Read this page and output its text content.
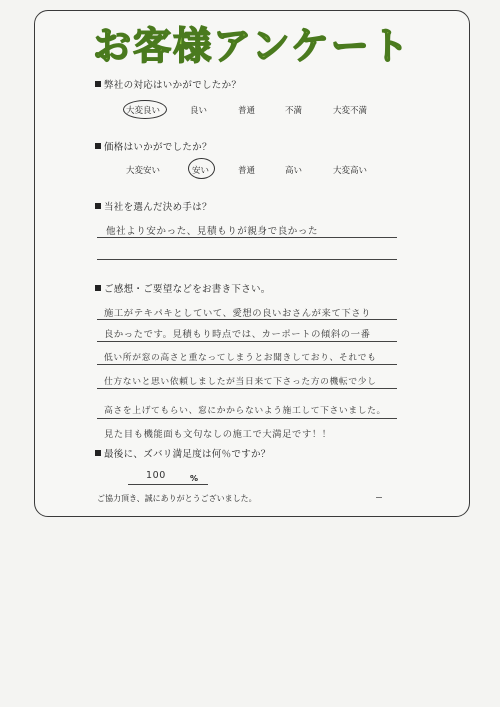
お客様アンケート
弊社の対応はいかがでしたか？
大変良い	良い	普通	不満	大変不満
価格はいかがでしたか？
大変安い	安い	普通	高い	大変高い
当社を選んだ決め手は？
他社より安かった、見積もりが親身で良かった
ご感想・ご要望などをお書き下さい。
施工がテキパキとしていて、愛想の良いおさんが来て下さり
良かったです。見積もり時点では、カーポートの傾斜の一番
低い所が窓の高さと重なってしまうとお聞きしており、それでも
仕方ないと思い依頼しましたが当日来て下さった方の機転で少し
高さを上げてもらい、窓にかからないよう施工して下さいました。
見た目も機能面も文句なしの施工で大満足です！！
最後に、ズバリ満足度は何％ですか？
100	%
ご協力頂き、誠にありがとうございました。
